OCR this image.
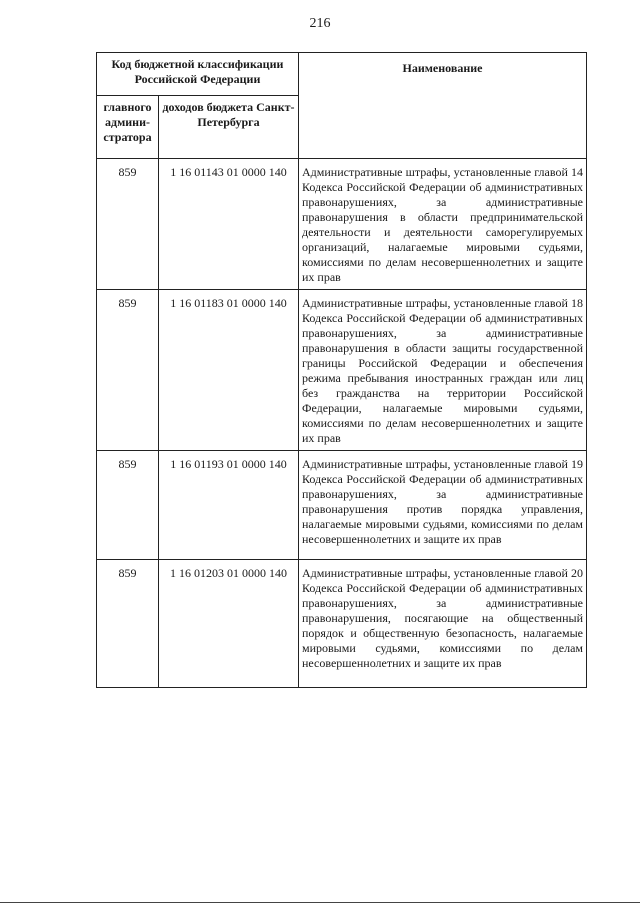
216
Код бюджетной классификации Российской Федерации		Наименование
главного админи-стратора	доходов бюджета Санкт-Петербурга	
859	1 16 01143 01 0000 140	Административные штрафы, установленные главой 14 Кодекса Российской Федерации об административных правонарушениях, за административные правонарушения в области предпринимательской деятельности и деятельности саморегулируемых организаций, налагаемые мировыми судьями, комиссиями по делам несовершеннолетних и защите их прав
859	1 16 01183 01 0000 140	Административные штрафы, установленные главой 18 Кодекса Российской Федерации об административных правонарушениях, за административные правонарушения в области защиты государственной границы Российской Федерации и обеспечения режима пребывания иностранных граждан или лиц без гражданства на территории Российской Федерации, налагаемые мировыми судьями, комиссиями по делам несовершеннолетних и защите их прав
859	1 16 01193 01 0000 140	Административные штрафы, установленные главой 19 Кодекса Российской Федерации об административных правонарушениях, за административные правонарушения против порядка управления, налагаемые мировыми судьями, комиссиями по делам несовершеннолетних и защите их прав
859	1 16 01203 01 0000 140	Административные штрафы, установленные главой 20 Кодекса Российской Федерации об административных правонарушениях, за административные правонарушения, посягающие на общественный порядок и общественную безопасность, налагаемые мировыми судьями, комиссиями по делам несовершеннолетних и защите их прав
